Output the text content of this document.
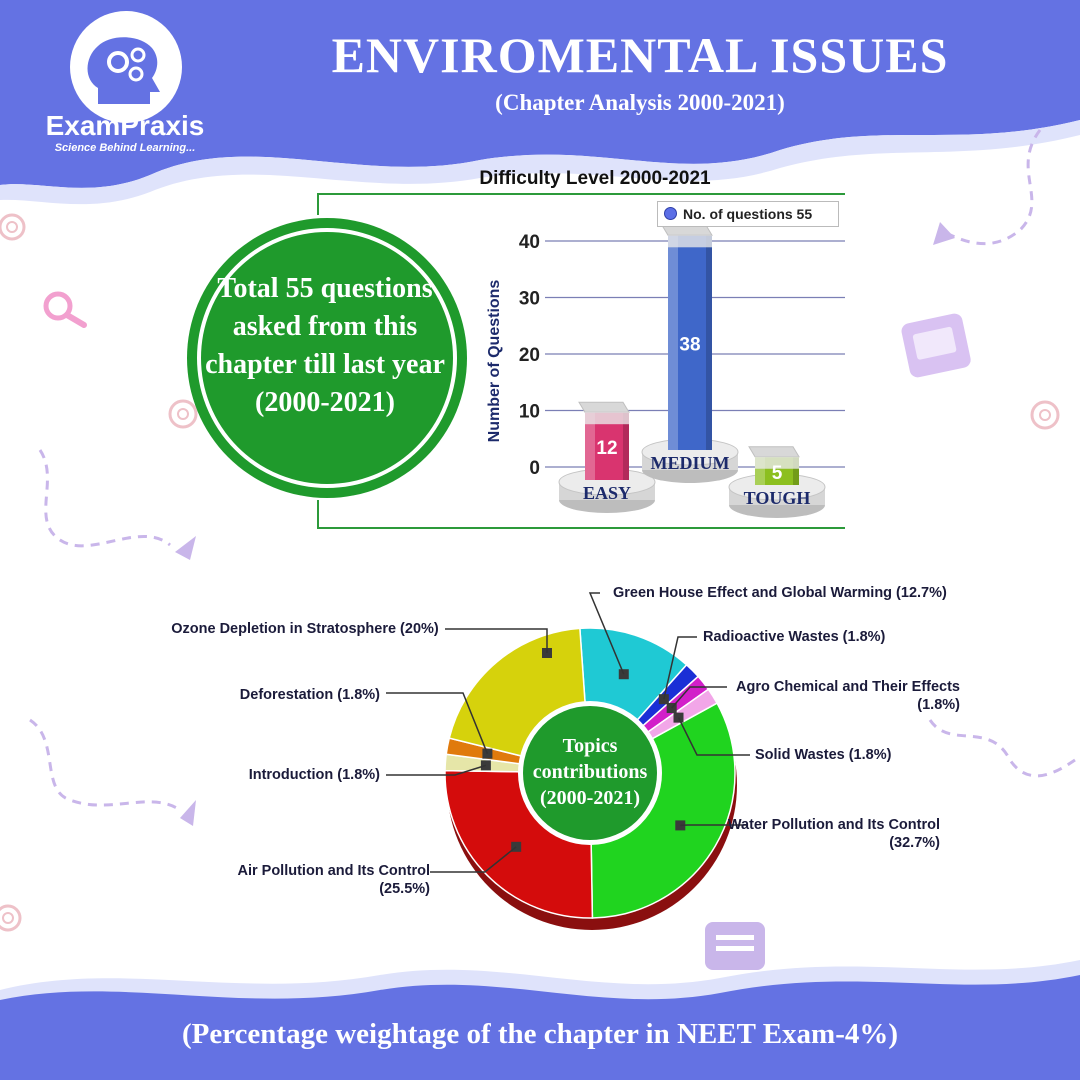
ENVIROMENTAL ISSUES
(Chapter Analysis 2000-2021)
ExamPraxis
Science Behind Learning...
0
10
20
30
40
12
EASY
38
MEDIUM 5
TOUGH
Difficulty Level 2000-2021
No. of questions 55
Number of Questions
Total 55 questions asked from this chapter till last year (2000-2021)
Topics contributions (2000-2021)
Green House Effect and Global Warming (12.7%)
Radioactive Wastes (1.8%)
Agro Chemical and Their Effects (1.8%)
Solid Wastes (1.8%)
Water Pollution and Its Control (32.7%)
Air Pollution and Its Control (25.5%)
Introduction (1.8%)
Deforestation (1.8%)
Ozone Depletion in Stratosphere (20%)
(Percentage weightage of the chapter in NEET Exam-4%)
